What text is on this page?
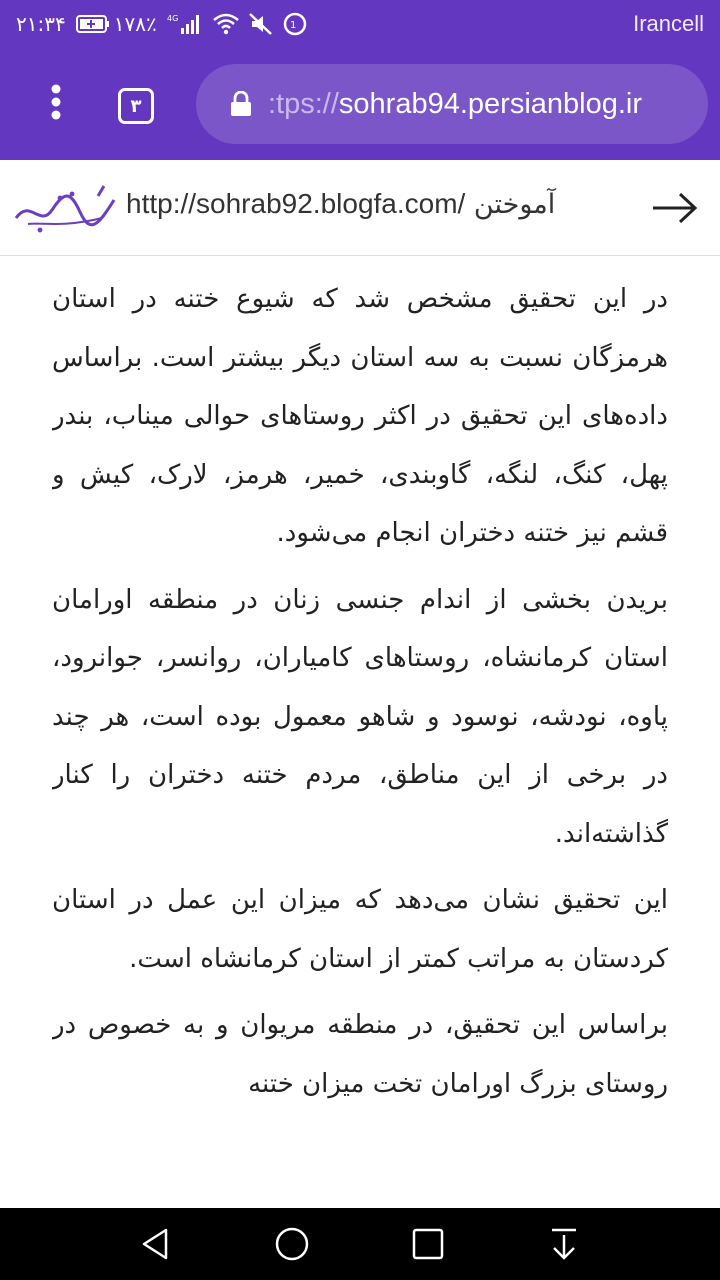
۲۱:۳۴ ۱۷۸٪ 4G
1	Irancell
۳	:tps://sohrab94.persianblog.ir
http://sohrab92.blogfa.com/ آموختن

در این تحقیق مشخص شد که شیوع ختنه در استان هرمزگان نسبت به سه استان دیگر بیشتر است. براساس داده‌های این تحقیق در اکثر روستاهای حوالی میناب، بندر پهل، کنگ، لنگه، گاوبندی، خمیر، هرمز، لارک، کیش و قشم نیز ختنه دختران انجام می‌شود.

بریدن بخشی از اندام جنسی زنان در منطقه اورامان استان کرمانشاه، روستاهای کامیاران، روانسر، جوانرود، پاوه، نودشه، نوسود و شاهو معمول بوده است، هر چند در برخی از این مناطق، مردم ختنه دختران را کنار گذاشته‌اند.

این تحقیق نشان می‌دهد که میزان این عمل در استان کردستان به مراتب کمتر از استان کرمانشاه است.

براساس این تحقیق، در منطقه مریوان و به خصوص در روستای بزرگ اورامان تخت میزان ختنه
